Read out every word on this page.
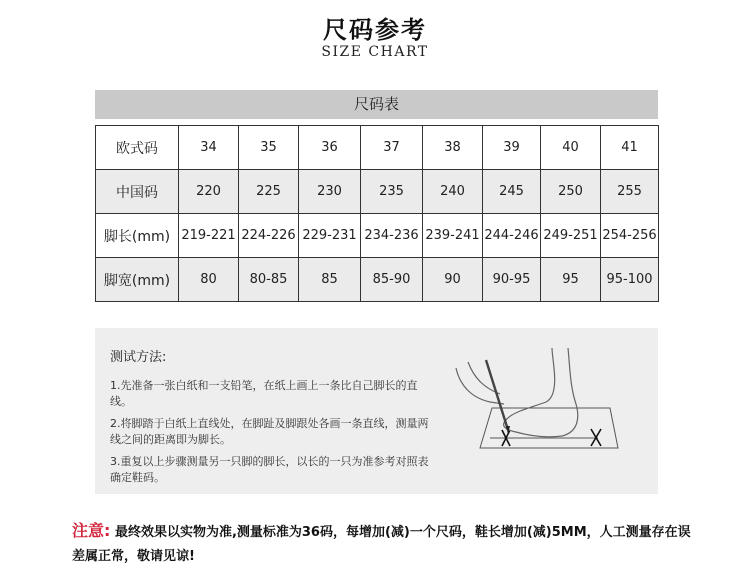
尺码参考
SIZE CHART
尺码表
欧式码	34	35	36	37	38	39	40	41
中国码	220	225	230	235	240	245	250	255
脚长(mm)	219-221	224-226	229-231	234-236	239-241	244-246	249-251	254-256
脚宽(mm)	80	80-85	85	85-90	90	90-95	95	95-100
测试方法:
1.先准备一张白纸和一支铅笔，在纸上画上一条比自己脚长的直线。
2.将脚踏于白纸上直线处，在脚趾及脚跟处各画一条直线，测量两线之间的距离即为脚长。
3.重复以上步骤测量另一只脚的脚长，以长的一只为准参考对照表确定鞋码。
注意: 最终效果以实物为准,测量标准为36码，每增加(减)一个尺码，鞋长增加(减)5MM，人工测量存在误差属正常，敬请见谅!
